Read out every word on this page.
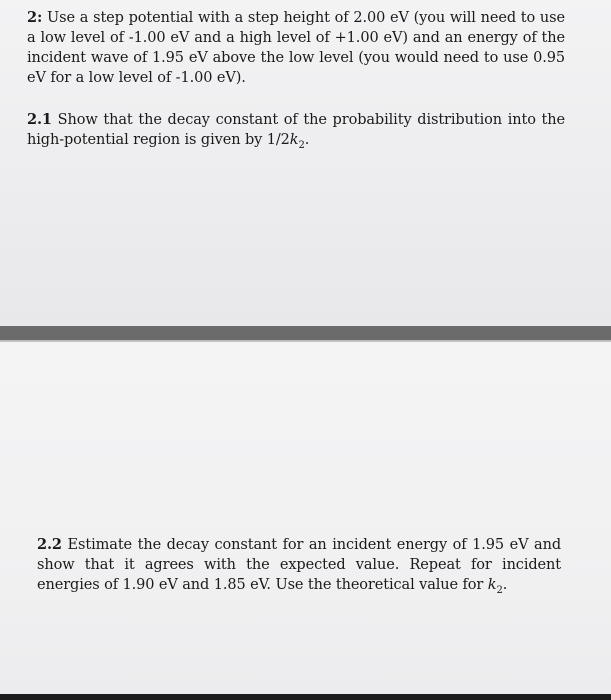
2: Use a step potential with a step height of 2.00 eV (you will need to use a low level of -1.00 eV and a high level of +1.00 eV) and an energy of the incident wave of 1.95 eV above the low level (you would need to use 0.95 eV for a low level of -1.00 eV).
2.1 Show that the decay constant of the probability distribution into the high-potential region is given by $1/2k_2$.
2.2 Estimate the decay constant for an incident energy of 1.95 eV and show that it agrees with the expected value. Repeat for incident energies of 1.90 eV and 1.85 eV. Use the theoretical value for $k_2$.
